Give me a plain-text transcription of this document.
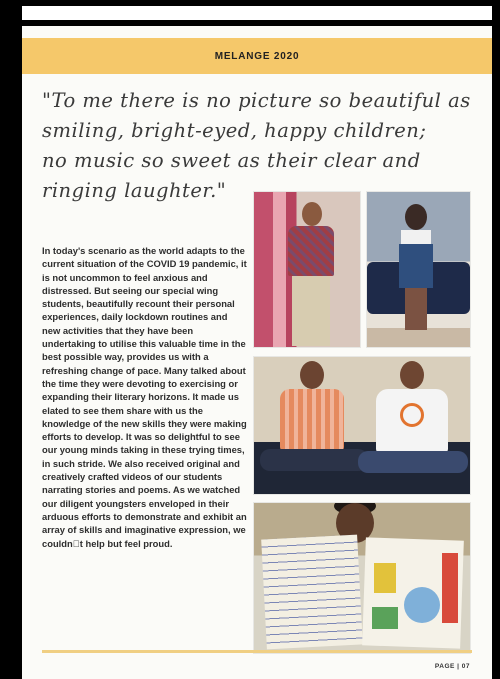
MELANGE 2020
"To me there is no picture so beautiful as smiling, bright-eyed, happy children;
no music so sweet as their clear and ringing laughter."
In today's scenario as the world adapts to the current situation of the COVID 19 pandemic, it is not uncommon to feel anxious and distressed. But seeing our special wing students, beautifully recount their personal experiences, daily lockdown routines and new activities that they have been undertaking to utilise this valuable time in the best possible way, provides us with a refreshing change of pace. Many talked about the time they were devoting to exercising or expanding their literary horizons. It made us elated to see them share with us the knowledge of the new skills they were making efforts to develop. It was so delightful to see our young minds taking in these trying times, in such stride. We also received original and creatively crafted videos of our students narrating stories and poems. As we watched our diligent youngsters enveloped in their arduous efforts to demonstrate and exhibit an array of skills and imaginative expression, we couldn t help but feel proud.
PAGE | 07
